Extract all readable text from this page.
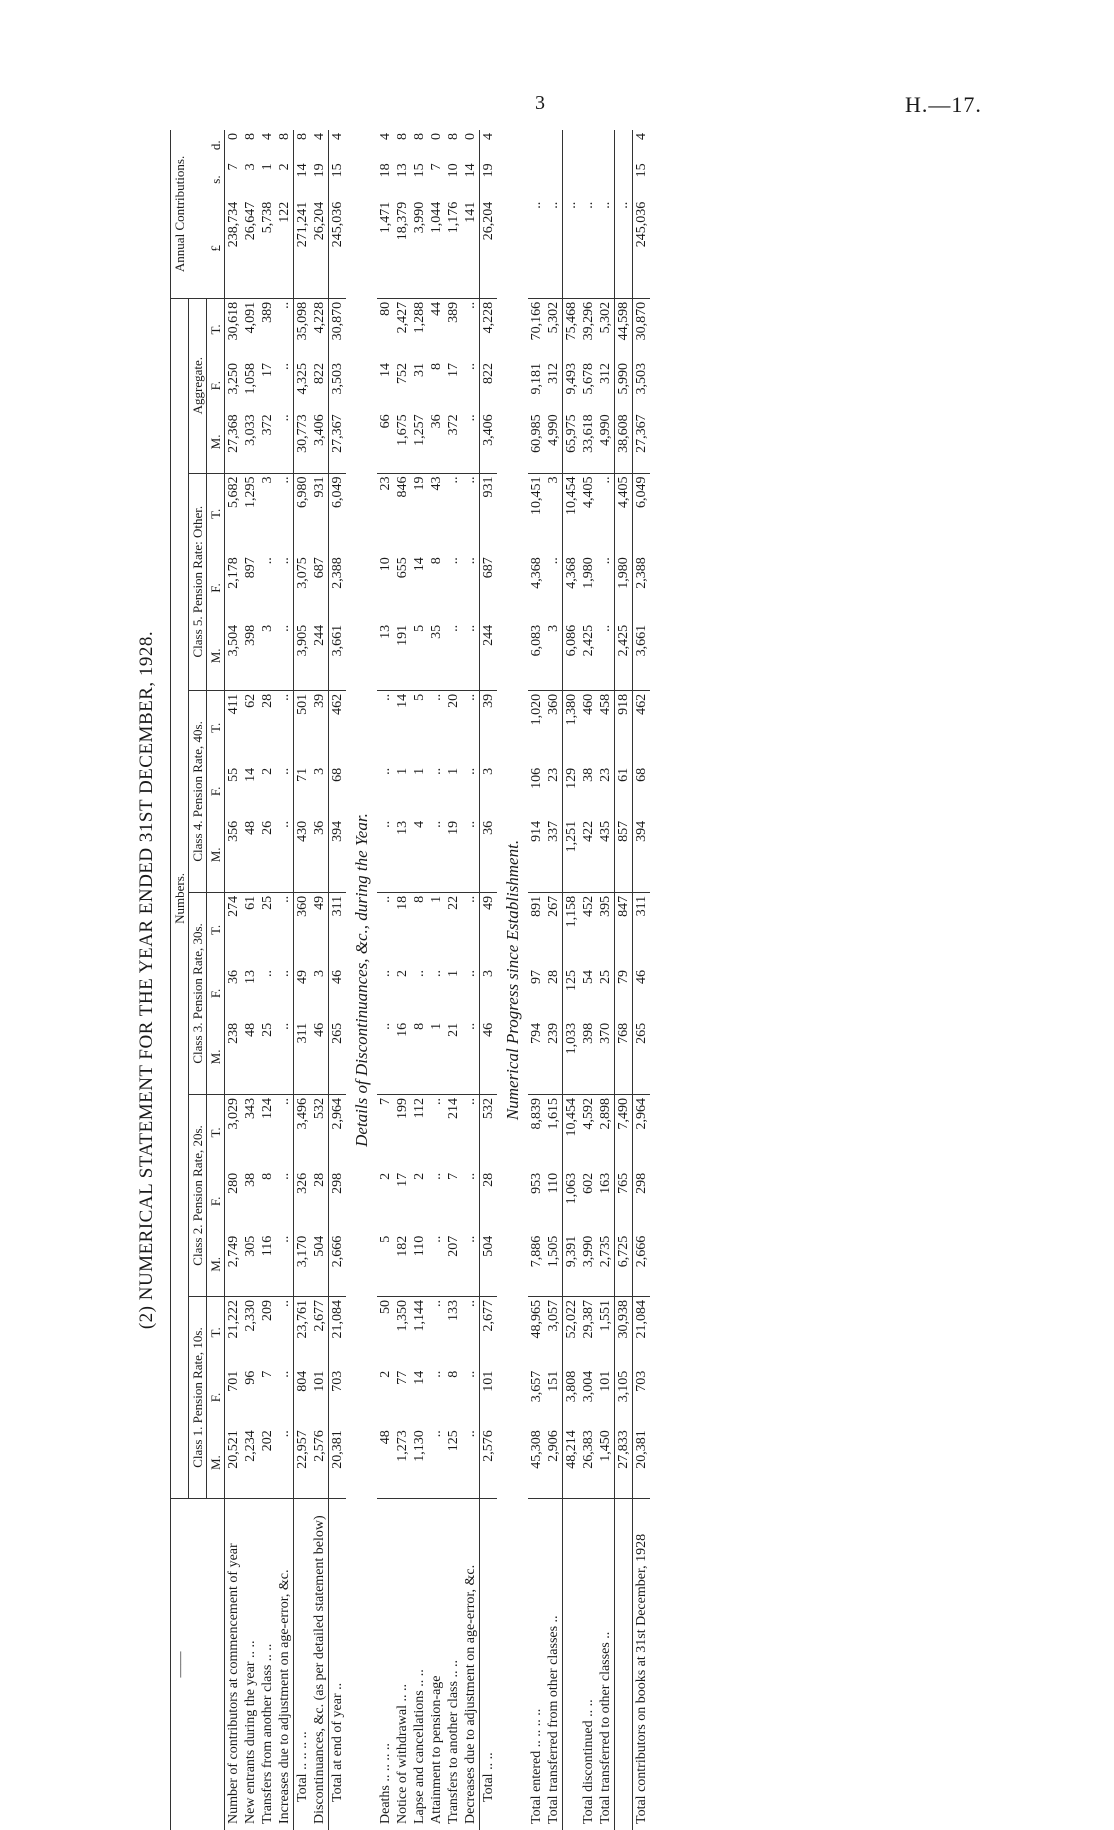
3	H.—17.
(2) NUMERICAL STATEMENT FOR THE YEAR ENDED 31ST DECEMBER, 1928.
——	Numbers.																		Annual Contributions.		
	Class 1. Pension Rate, 10s.			Class 2. Pension Rate, 20s.			Class 3. Pension Rate, 30s.			Class 4. Pension Rate, 40s.			Class 5. Pension Rate: Other.			Aggregate.					
	M.	F.	T.	M.	F.	T.	M.	F.	T.	M.	F.	T.	M.	F.	T.	M.	F.	T.	£	s.	d.
Number of contributors at commencement of year	20,521	701	21,222	2,749	280	3,029	238	36	274	356	55	411	3,504	2,178	5,682	27,368	3,250	30,618	238,734	7	0
New entrants during the year .. ..	2,234	96	2,330	305	38	343	48	13	61	48	14	62	398	897	1,295	3,033	1,058	4,091	26,647	3	8
Transfers from another class .. ..	202	7	209	116	8	124	25	..	25	26	2	28	3	..	3	372	17	389	5,738	1	4
Increases due to adjustment on age-error, &c.	..	..	..	..	..	..	..	..	..	..	..	..	..	..	..	..	..	..	122	2	8
Total .. .. .. ..	22,957	804	23,761	3,170	326	3,496	311	49	360	430	71	501	3,905	3,075	6,980	30,773	4,325	35,098	271,241	14	8
Discontinuances, &c. (as per detailed statement below)	2,576	101	2,677	504	28	532	46	3	49	36	3	39	244	687	931	3,406	822	4,228	26,204	19	4
Total at end of year ..	20,381	703	21,084	2,666	298	2,964	265	46	311	394	68	462	3,661	2,388	6,049	27,367	3,503	30,870	245,036	15	4
Details of Discontinuances, &c., during the Year.																					
Deaths .. .. .. ..	48	2	50	5	2	7	..	..	..	..	..	..	13	10	23	66	14	80	1,471	18	4
Notice of withdrawal .. ..	1,273	77	1,350	182	17	199	16	2	18	13	1	14	191	655	846	1,675	752	2,427	18,379	13	8
Lapse and cancellations .. ..	1,130	14	1,144	110	2	112	8	..	8	4	1	5	5	14	19	1,257	31	1,288	3,990	15	8
Attainment to pension-age	..	..	..	..	..	..	1	..	1	..	..	..	35	8	43	36	8	44	1,044	7	0
Transfers to another class .. ..	125	8	133	207	7	214	21	1	22	19	1	20	..	..	..	372	17	389	1,176	10	8
Decreases due to adjustment on age-error, &c.	..	..	..	..	..	..	..	..	..	..	..	..	..	..	..	..	..	..	141	14	0
Total .. ..	2,576	101	2,677	504	28	532	46	3	49	36	3	39	244	687	931	3,406	822	4,228	26,204	19	4
Numerical Progress since Establishment.																					
Total entered .. .. .. ..	45,308	3,657	48,965	7,886	953	8,839	794	97	891	914	106	1,020	6,083	4,368	10,451	60,985	9,181	70,166	..		
Total transferred from other classes ..	2,906	151	3,057	1,505	110	1,615	239	28	267	337	23	360	3	..	3	4,990	312	5,302	..		
	48,214	3,808	52,022	9,391	1,063	10,454	1,033	125	1,158	1,251	129	1,380	6,086	4,368	10,454	65,975	9,493	75,468	..		
Total discontinued .. ..	26,383	3,004	29,387	3,990	602	4,592	398	54	452	422	38	460	2,425	1,980	4,405	33,618	5,678	39,296	..		
Total transferred to other classes ..	1,450	101	1,551	2,735	163	2,898	370	25	395	435	23	458	..	..	..	4,990	312	5,302	..		
	27,833	3,105	30,938	6,725	765	7,490	768	79	847	857	61	918	2,425	1,980	4,405	38,608	5,990	44,598	..		
Total contributors on books at 31st December, 1928	20,381	703	21,084	2,666	298	2,964	265	46	311	394	68	462	3,661	2,388	6,049	27,367	3,503	30,870	245,036	15	4
